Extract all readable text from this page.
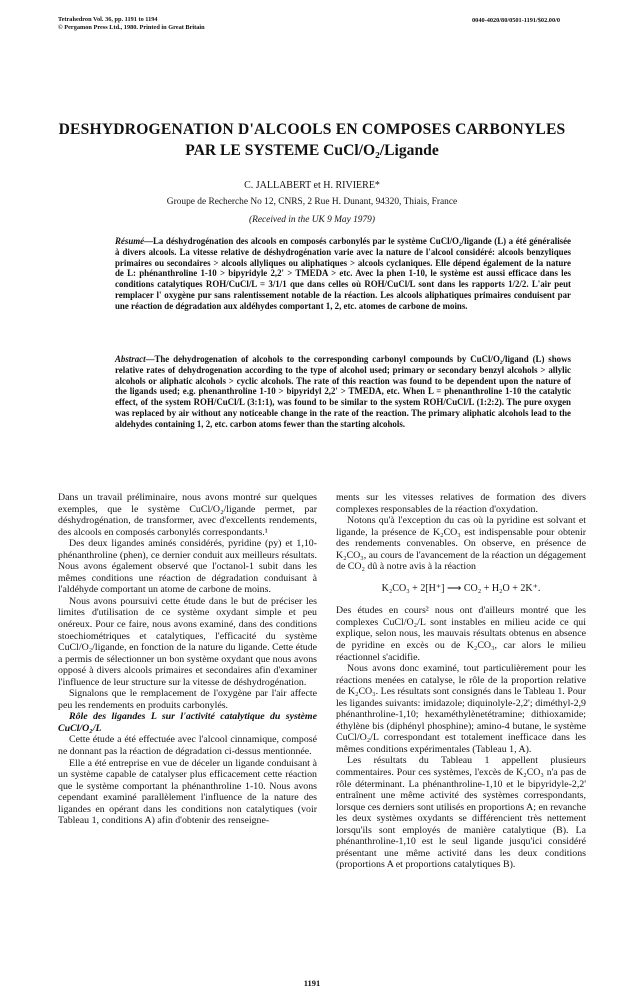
Tetrahedron Vol. 36, pp. 1191 to 1194
© Pergamon Press Ltd., 1980. Printed in Great Britain
0040-4020/80/0501-1191/$02.00/0
DESHYDROGENATION D'ALCOOLS EN COMPOSES CARBONYLES
PAR LE SYSTEME CuCl/O₂/Ligande
C. JALLABERT et H. RIVIERE*
Groupe de Recherche No 12, CNRS, 2 Rue H. Dunant, 94320, Thiais, France
(Received in the UK 9 May 1979)

Résumé—La déshydrogénation des alcools en composés carbonylés par le système CuCl/O₂/ligande (L) a été généralisée à divers alcools. La vitesse relative de déshydrogénation varie avec la nature de l'alcool considéré: alcools benzyliques primaires ou secondaires > alcools allyliques ou aliphatiques > alcools cyclaniques. Elle dépend également de la nature de L: phénanthroline 1-10 > bipyridyle 2,2' > TMEDA > etc. Avec la phen 1-10, le système est aussi efficace dans les conditions catalytiques ROH/CuCl/L = 3/1/1 que dans celles où ROH/CuCl/L sont dans les rapports 1/2/2. L'air peut remplacer l' oxygène pur sans ralentissement notable de la réaction. Les alcools aliphatiques primaires conduisent par une réaction de dégradation aux aldéhydes comportant 1, 2, etc. atomes de carbone de moins.

Abstract—The dehydrogenation of alcohols to the corresponding carbonyl compounds by CuCl/O₂/ligand (L) shows relative rates of dehydrogenation according to the type of alcohol used; primary or secondary benzyl alcohols > allylic alcohols or aliphatic alcohols > cyclic alcohols. The rate of this reaction was found to be dependent upon the nature of the ligands used; e.g. phenanthroline 1-10 > bipyridyl 2,2' > TMEDA, etc. When L = phenanthroline 1-10 the catalytic effect, of the system ROH/CuCl/L (3:1:1), was found to be similar to the system ROH/CuCl/L (1:2:2). The pure oxygen was replaced by air without any noticeable change in the rate of the reaction. The primary aliphatic alcohols lead to the aldehydes containing 1, 2, etc. carbon atoms fewer than the starting alcohols.

Dans un travail préliminaire, nous avons montré sur quelques exemples, que le système CuCl/O₂/ligande permet, par déshydrogénation, de transformer, avec d'excellents rendements, des alcools en composés carbonylés correspondants.¹

Des deux ligandes aminés considérés, pyridine (py) et 1,10-phénanthroline (phen), ce dernier conduit aux meilleurs résultats. Nous avons également observé que l'octanol-1 subit dans les mêmes conditions une réaction de dégradation conduisant à l'aldéhyde comportant un atome de carbone de moins.

Nous avons poursuivi cette étude dans le but de préciser les limites d'utilisation de ce système oxydant simple et peu onéreux. Pour ce faire, nous avons examiné, dans des conditions stoechiométriques et catalytiques, l'efficacité du système CuCl/O₂/ligande, en fonction de la nature du ligande. Cette étude a permis de sélectionner un bon système oxydant que nous avons opposé à divers alcools primaires et secondaires afin d'examiner l'influence de leur structure sur la vitesse de déshydrogénation.

Signalons que le remplacement de l'oxygène par l'air affecte peu les rendements en produits carbonylés.

Rôle des ligandes L sur l'activité catalytique du système CuCl/O₂/L

Cette étude a été effectuée avec l'alcool cinnamique, composé ne donnant pas la réaction de dégradation ci-dessus mentionnée.

Elle a été entreprise en vue de déceler un ligande conduisant à un système capable de catalyser plus efficacement cette réaction que le système comportant la phénanthroline 1-10. Nous avons cependant examiné parallèlement l'influence de la nature des ligandes en opérant dans les conditions non catalytiques (voir Tableau 1, conditions A) afin d'obtenir des renseigne-

ments sur les vitesses relatives de formation des divers complexes responsables de la réaction d'oxydation.

Notons qu'à l'exception du cas où la pyridine est solvant et ligande, la présence de K₂CO₃ est indispensable pour obtenir des rendements convenables. On observe, en présence de K₂CO₃, au cours de l'avancement de la réaction un dégagement de CO₂ dû à notre avis à la réaction

K₂CO₃ + 2[H⁺] ⟶ CO₂ + H₂O + 2K⁺.

Des études en cours² nous ont d'ailleurs montré que les complexes CuCl/O₂/L sont instables en milieu acide ce qui explique, selon nous, les mauvais résultats obtenus en absence de pyridine en excès ou de K₂CO₃, car alors le milieu réactionnel s'acidifie.

Nous avons donc examiné, tout particulièrement pour les réactions menées en catalyse, le rôle de la proportion relative de K₂CO₃. Les résultats sont consignés dans le Tableau 1. Pour les ligandes suivants: imidazole; diquinolyle-2,2'; diméthyl-2,9 phénanthroline-1,10; hexaméthylènetétramine; dithioxamide; éthylène bis (diphényl phosphine); amino-4 butane, le système CuCl/O₂/L correspondant est totalement inefficace dans les mêmes conditions expérimentales (Tableau 1, A).

Les résultats du Tableau 1 appellent plusieurs commentaires. Pour ces systèmes, l'excès de K₂CO₃ n'a pas de rôle déterminant. La phénanthroline-1,10 et le bipyridyle-2,2' entraînent une même activité des systèmes correspondants, lorsque ces derniers sont utilisés en proportions A; en revanche les deux systèmes oxydants se différencient très nettement lorsqu'ils sont employés de manière catalytique (B). La phénanthroline-1,10 est le seul ligande jusqu'ici considéré présentant une même activité dans les deux conditions (proportions A et proportions catalytiques B).

1191
